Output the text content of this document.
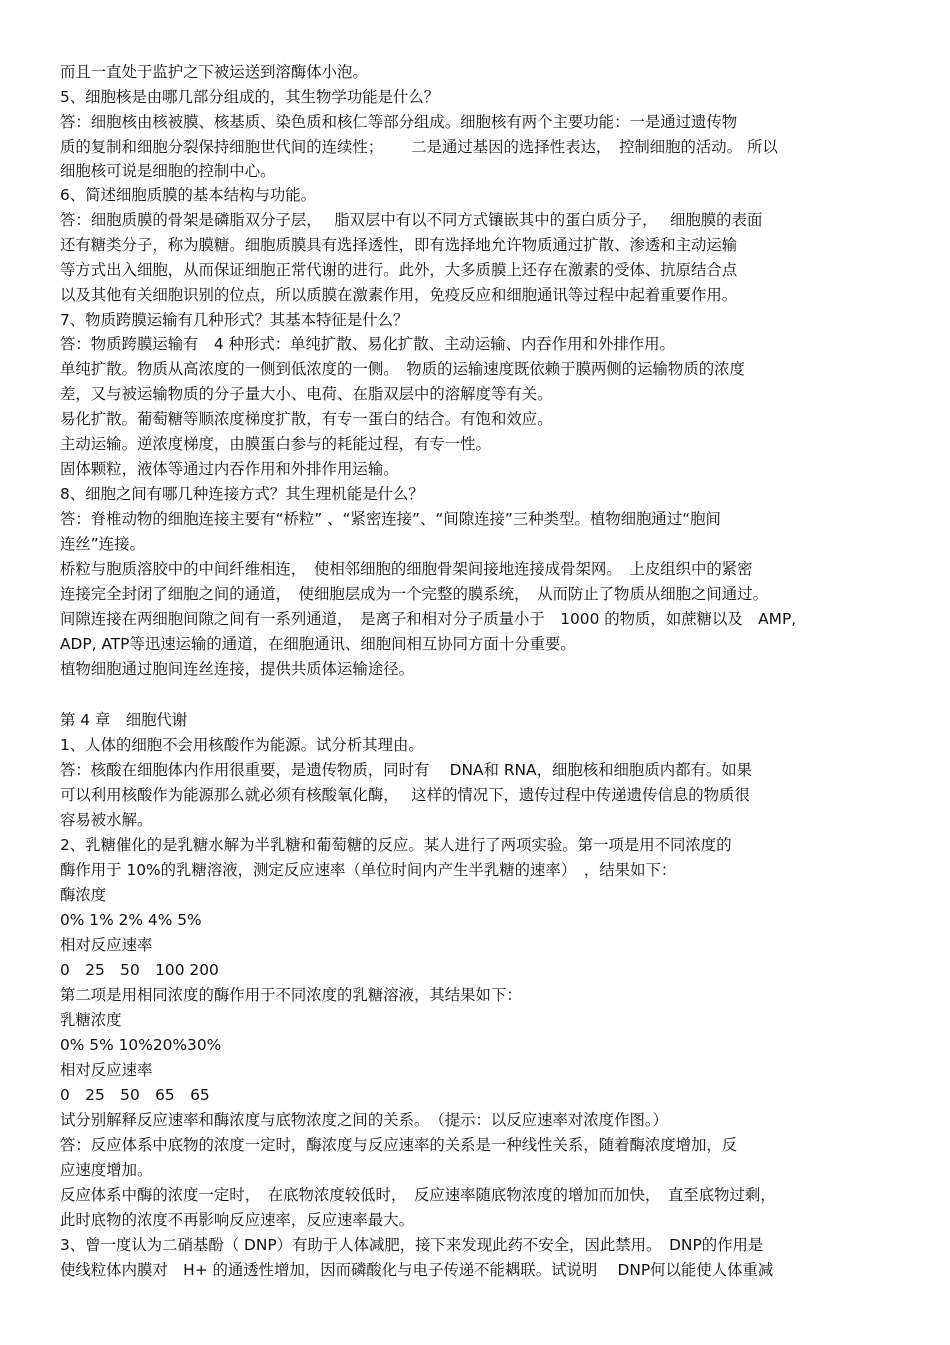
而且一直处于监护之下被运送到溶酶体小泡。
5、细胞核是由哪几部分组成的，其生物学功能是什么？
答：细胞核由核被膜、核基质、染色质和核仁等部分组成。细胞核有两个主要功能：一是通过遗传物
质的复制和细胞分裂保持细胞世代间的连续性；　　 二是通过基因的选择性表达，　控制细胞的活动。 所以
细胞核可说是细胞的控制中心。
6、简述细胞质膜的基本结构与功能。
答：细胞质膜的骨架是磷脂双分子层，　 脂双层中有以不同方式镶嵌其中的蛋白质分子，　 细胞膜的表面
还有糖类分子，称为膜糖。细胞质膜具有选择透性，即有选择地允许物质通过扩散、渗透和主动运输
等方式出入细胞，从而保证细胞正常代谢的进行。此外，大多质膜上还存在激素的受体、抗原结合点
以及其他有关细胞识别的位点，所以质膜在激素作用，免疫反应和细胞通讯等过程中起着重要作用。
7、物质跨膜运输有几种形式？其基本特征是什么？
答：物质跨膜运输有　4 种形式：单纯扩散、易化扩散、主动运输、内吞作用和外排作用。
单纯扩散。物质从高浓度的一侧到低浓度的一侧。　物质的运输速度既依赖于膜两侧的运输物质的浓度
差，又与被运输物质的分子量大小、电荷、在脂双层中的溶解度等有关。
易化扩散。葡萄糖等顺浓度梯度扩散，有专一蛋白的结合。有饱和效应。
主动运输。逆浓度梯度，由膜蛋白参与的耗能过程，有专一性。
固体颗粒，液体等通过内吞作用和外排作用运输。
8、细胞之间有哪几种连接方式？其生理机能是什么？
答：脊椎动物的细胞连接主要有“桥粒” 、“紧密连接”、“间隙连接”三种类型。植物细胞通过“胞间
连丝”连接。
桥粒与胞质溶胶中的中间纤维相连，　使相邻细胞的细胞骨架间接地连接成骨架网。　上皮组织中的紧密
连接完全封闭了细胞之间的通道，　使细胞层成为一个完整的膜系统，　从而防止了物质从细胞之间通过。
间隙连接在两细胞间隙之间有一系列通道，　是离子和相对分子质量小于　1000 的物质，如蔗糖以及　AMP,
ADP, ATP等迅速运输的通道，在细胞通讯、细胞间相互协同方面十分重要。
植物细胞通过胞间连丝连接，提供共质体运输途径。
第 4 章　细胞代谢
1、人体的细胞不会用核酸作为能源。试分析其理由。
答：核酸在细胞体内作用很重要，是遗传物质，同时有　 DNA和 RNA，细胞核和细胞质内都有。如果
可以利用核酸作为能源那么就必须有核酸氧化酶，　 这样的情况下，遗传过程中传递遗传信息的物质很
容易被水解。
2、乳糖催化的是乳糖水解为半乳糖和葡萄糖的反应。某人进行了两项实验。第一项是用不同浓度的
酶作用于 10%的乳糖溶液，测定反应速率（单位时间内产生半乳糖的速率）　，结果如下：
酶浓度
0% 1% 2% 4% 5%
相对反应速率
0　25　50　100 200
第二项是用相同浓度的酶作用于不同浓度的乳糖溶液，其结果如下：
乳糖浓度
0% 5% 10%20%30%
相对反应速率
0　25　50　65　65
试分别解释反应速率和酶浓度与底物浓度之间的关系。　（提示：以反应速率对浓度作图。）
答：反应体系中底物的浓度一定时，酶浓度与反应速率的关系是一种线性关系，随着酶浓度增加，反
应速度增加。
反应体系中酶的浓度一定时，　在底物浓度较低时，　反应速率随底物浓度的增加而加快，　直至底物过剩，
此时底物的浓度不再影响反应速率，反应速率最大。
3、曾一度认为二硝基酚（ DNP）有助于人体减肥，接下来发现此药不安全，因此禁用。　DNP的作用是
使线粒体内膜对　H+ 的通透性增加，因而磷酸化与电子传递不能耦联。试说明　 DNP何以能使人体重减
